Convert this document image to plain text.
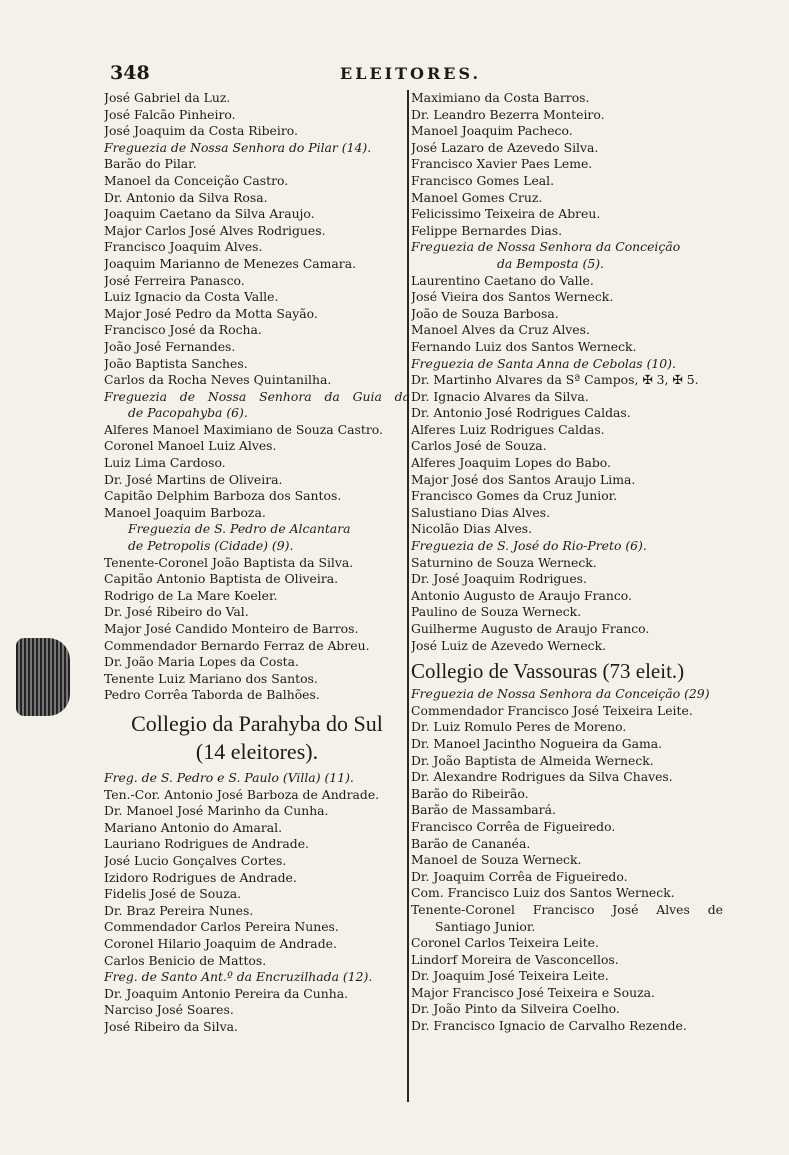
348	ELEITORES.
José Gabriel da Luz.
José Falcão Pinheiro.
José Joaquim da Costa Ribeiro.
Freguezia de Nossa Senhora do Pilar (14).
Barão do Pilar.
Manoel da Conceição Castro.
Dr. Antonio da Silva Rosa.
Joaquim Caetano da Silva Araujo.
Major Carlos José Alves Rodrigues.
Francisco Joaquim Alves.
Joaquim Marianno de Menezes Camara.
José Ferreira Panasco.
Luiz Ignacio da Costa Valle.
Major José Pedro da Motta Sayão.
Francisco José da Rocha.
João José Fernandes.
João Baptista Sanches.
Carlos da Rocha Neves Quintanilha.
Freguezia de Nossa Senhora da Guia da
de Pacopahyba (6).
Alferes Manoel Maximiano de Souza Castro.
Coronel Manoel Luiz Alves.
Luiz Lima Cardoso.
Dr. José Martins de Oliveira.
Capitão Delphim Barboza dos Santos.
Manoel Joaquim Barboza.
Freguezia de S. Pedro de Alcantara
de Petropolis (Cidade) (9).
Tenente-Coronel João Baptista da Silva.
Capitão Antonio Baptista de Oliveira.
Rodrigo de La Mare Koeler.
Dr. José Ribeiro do Val.
Major José Candido Monteiro de Barros.
Commendador Bernardo Ferraz de Abreu.
Dr. João Maria Lopes da Costa.
Tenente Luiz Mariano dos Santos.
Pedro Corrêa Taborda de Balhões.
Collegio da Parahyba do Sul
(14 eleitores).
Freg. de S. Pedro e S. Paulo (Villa) (11).
Ten.-Cor. Antonio José Barboza de Andrade.
Dr. Manoel José Marinho da Cunha.
Mariano Antonio do Amaral.
Lauriano Rodrigues de Andrade.
José Lucio Gonçalves Cortes.
Izidoro Rodrigues de Andrade.
Fidelis José de Souza.
Dr. Braz Pereira Nunes.
Commendador Carlos Pereira Nunes.
Coronel Hilario Joaquim de Andrade.
Carlos Benicio de Mattos.
Freg. de Santo Ant.º da Encruzilhada (12).
Dr. Joaquim Antonio Pereira da Cunha.
Narciso José Soares.
José Ribeiro da Silva.
Maximiano da Costa Barros.
Dr. Leandro Bezerra Monteiro.
Manoel Joaquim Pacheco.
José Lazaro de Azevedo Silva.
Francisco Xavier Paes Leme.
Francisco Gomes Leal.
Manoel Gomes Cruz.
Felicissimo Teixeira de Abreu.
Felippe Bernardes Dias.
Freguezia de Nossa Senhora da Conceição
da Bemposta (5).
Laurentino Caetano do Valle.
José Vieira dos Santos Werneck.
João de Souza Barbosa.
Manoel Alves da Cruz Alves.
Fernando Luiz dos Santos Werneck.
Freguezia de Santa Anna de Cebolas (10).
Dr. Martinho Alvares da Sª Campos, ✠ 3, ✠ 5.
Dr. Ignacio Alvares da Silva.
Dr. Antonio José Rodrigues Caldas.
Alferes Luiz Rodrigues Caldas.
Carlos José de Souza.
Alferes Joaquim Lopes do Babo.
Major José dos Santos Araujo Lima.
Francisco Gomes da Cruz Junior.
Salustiano Dias Alves.
Nicolão Dias Alves.
Freguezia de S. José do Rio-Preto (6).
Saturnino de Souza Werneck.
Dr. José Joaquim Rodrigues.
Antonio Augusto de Araujo Franco.
Paulino de Souza Werneck.
Guilherme Augusto de Araujo Franco.
José Luiz de Azevedo Werneck.
Collegio de Vassouras (73 eleit.)
Freguezia de Nossa Senhora da Conceição (29)
Commendador Francisco José Teixeira Leite.
Dr. Luiz Romulo Peres de Moreno.
Dr. Manoel Jacintho Nogueira da Gama.
Dr. João Baptista de Almeida Werneck.
Dr. Alexandre Rodrigues da Silva Chaves.
Barão do Ribeirão.
Barão de Massambará.
Francisco Corrêa de Figueiredo.
Barão de Cananéa.
Manoel de Souza Werneck.
Dr. Joaquim Corrêa de Figueiredo.
Com. Francisco Luiz dos Santos Werneck.
Tenente-Coronel Francisco José Alves de
Santiago Junior.
Coronel Carlos Teixeira Leite.
Lindorf Moreira de Vasconcellos.
Dr. Joaquim José Teixeira Leite.
Major Francisco José Teixeira e Souza.
Dr. João Pinto da Silveira Coelho.
Dr. Francisco Ignacio de Carvalho Rezende.
